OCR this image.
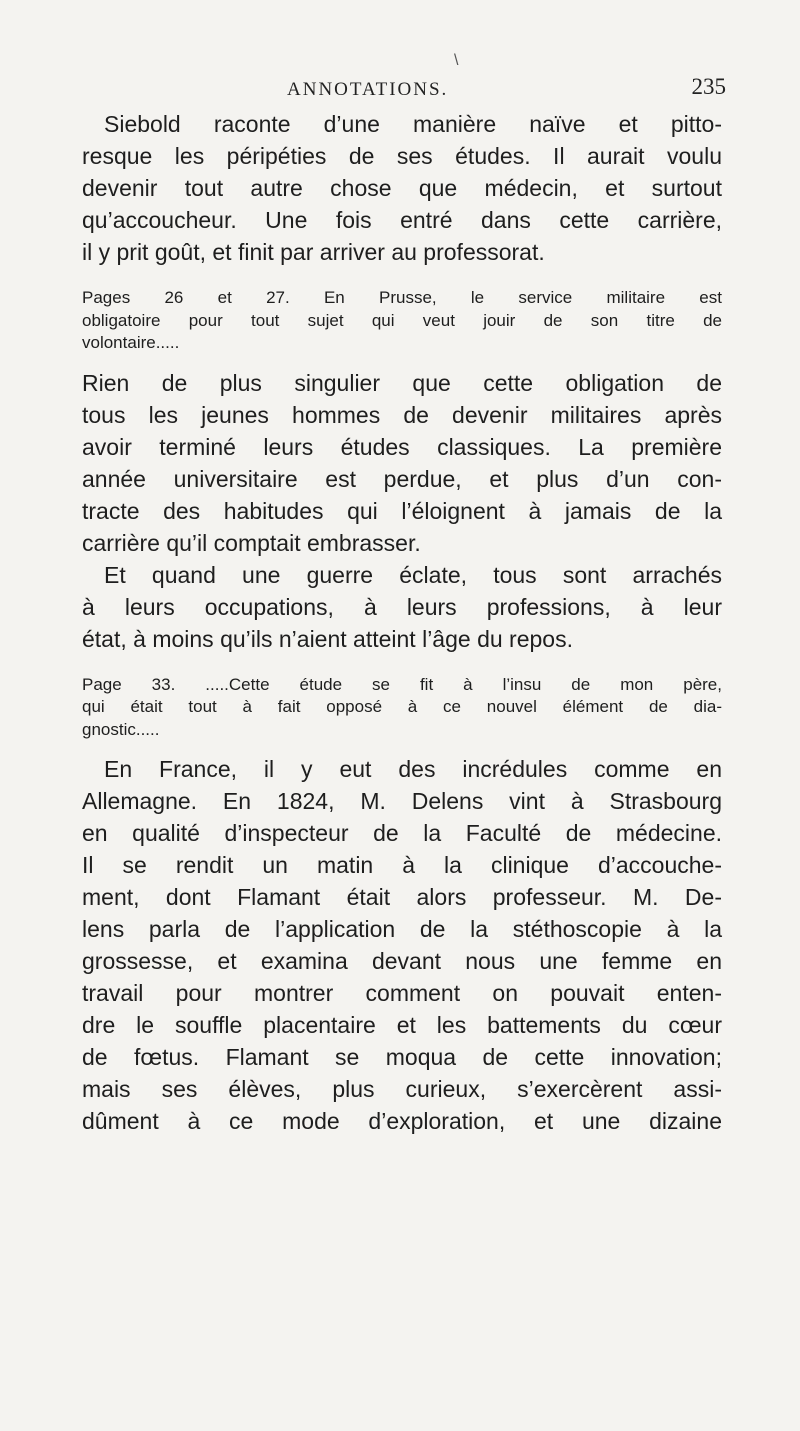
\
ANNOTATIONS.	235

Siebold raconte d’une manière naïve et pitto-
resque les péripéties de ses études. Il aurait voulu
devenir tout autre chose que médecin, et surtout
qu’accoucheur. Une fois entré dans cette carrière,
il y prit goût, et finit par arriver au professorat.

Pages 26 et 27. En Prusse, le service militaire est
obligatoire pour tout sujet qui veut jouir de son titre de
volontaire.....

Rien de plus singulier que cette obligation de
tous les jeunes hommes de devenir militaires après
avoir terminé leurs études classiques. La première
année universitaire est perdue, et plus d’un con-
tracte des habitudes qui l’éloignent à jamais de la
carrière qu’il comptait embrasser.

Et quand une guerre éclate, tous sont arrachés
à leurs occupations, à leurs professions, à leur
état, à moins qu’ils n’aient atteint l’âge du repos.

Page 33. .....Cette étude se fit à l’insu de mon père,
qui était tout à fait opposé à ce nouvel élément de dia-
gnostic.....

En France, il y eut des incrédules comme en
Allemagne. En 1824, M. Delens vint à Strasbourg
en qualité d’inspecteur de la Faculté de médecine.
Il se rendit un matin à la clinique d’accouche-
ment, dont Flamant était alors professeur. M. De-
lens parla de l’application de la stéthoscopie à la
grossesse, et examina devant nous une femme en
travail pour montrer comment on pouvait enten-
dre le souffle placentaire et les battements du cœur
de fœtus. Flamant se moqua de cette innovation;
mais ses élèves, plus curieux, s’exercèrent assi-
dûment à ce mode d’exploration, et une dizaine
